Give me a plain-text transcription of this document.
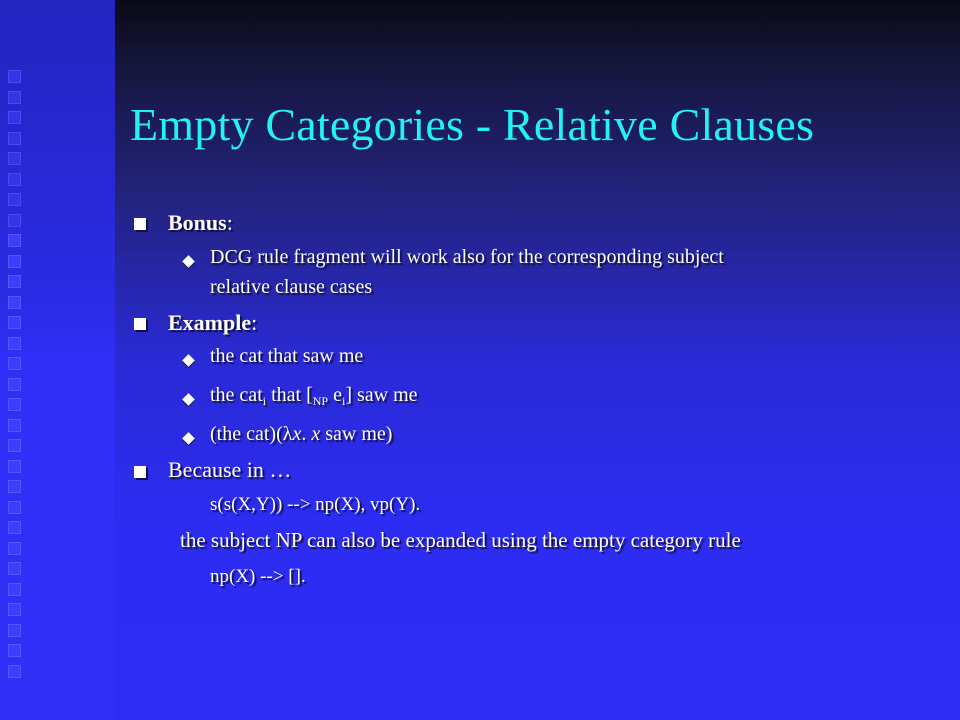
Empty Categories - Relative Clauses
Bonus:
DCG rule fragment will work also for the corresponding subject
relative clause cases
Example:
the cat that saw me
the cat$_i$ that [$_{NP}$ $e_i$] saw me
(the cat)(λx. x saw me)
Because in …
s(s(X,Y)) --> np(X), vp(Y).
the subject NP can also be expanded using the empty category rule
np(X) --> [].
